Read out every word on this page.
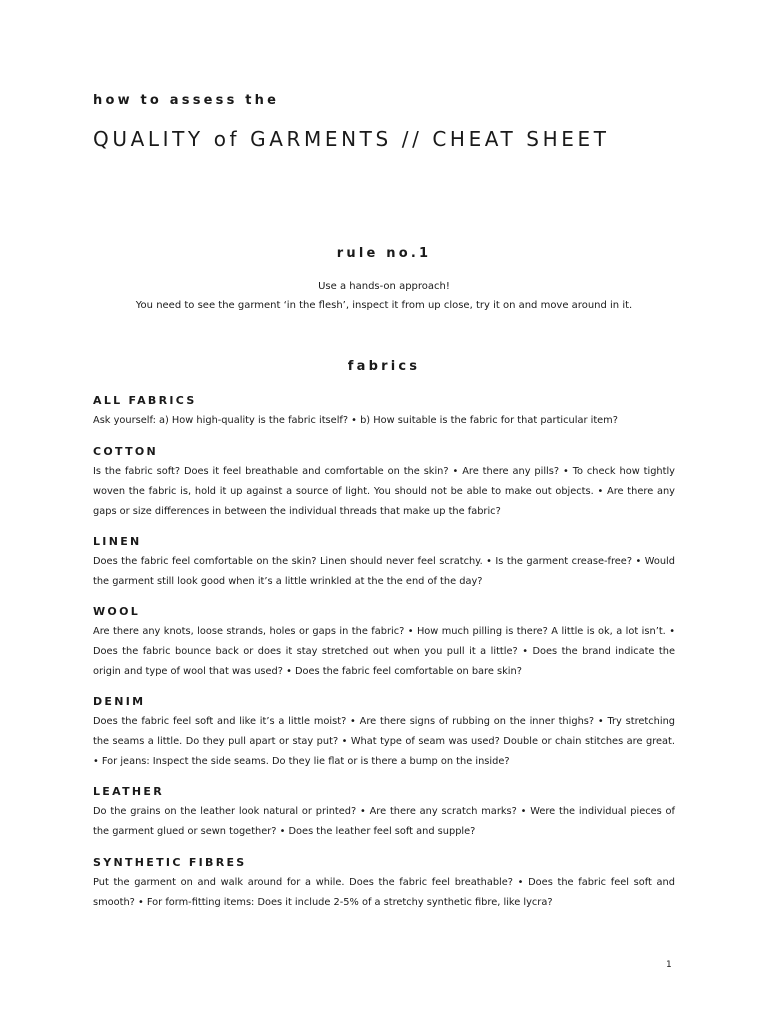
how to assess the
QUALITY of GARMENTS // CHEAT SHEET
rule no.1

Use a hands-on approach!

You need to see the garment ‘in the flesh’, inspect it from up close, try it on and move around in it.

fabrics
ALL FABRICS

Ask yourself: a) How high-quality is the fabric itself? • b) How suitable is the fabric for that particular item?

COTTON

Is the fabric soft? Does it feel breathable and comfortable on the skin? • Are there any pills? • To check how tightly woven the fabric is, hold it up against a source of light. You should not be able to make out objects. • Are there any gaps or size differences in between the individual threads that make up the fabric?

LINEN

Does the fabric feel comfortable on the skin? Linen should never feel scratchy. • Is the garment crease-free? • Would the garment still look good when it’s a little wrinkled at the the end of the day?

WOOL

Are there any knots, loose strands, holes or gaps in the fabric? • How much pilling is there? A little is ok, a lot isn’t. • Does the fabric bounce back or does it stay stretched out when you pull it a little? • Does the brand indicate the origin and type of wool that was used? • Does the fabric feel comfortable on bare skin?

DENIM

Does the fabric feel soft and like it’s a little moist? • Are there signs of rubbing on the inner thighs? • Try stretching the seams a little. Do they pull apart or stay put? • What type of seam was used? Double or chain stitches are great. • For jeans: Inspect the side seams. Do they lie flat or is there a bump on the inside?

LEATHER

Do the grains on the leather look natural or printed? • Are there any scratch marks? • Were the individual pieces of the garment glued or sewn together? • Does the leather feel soft and supple?

SYNTHETIC FIBRES

Put the garment on and walk around for a while. Does the fabric feel breathable? • Does the fabric feel soft and smooth? • For form-fitting items: Does it include 2-5% of a stretchy synthetic fibre, like lycra?

1
